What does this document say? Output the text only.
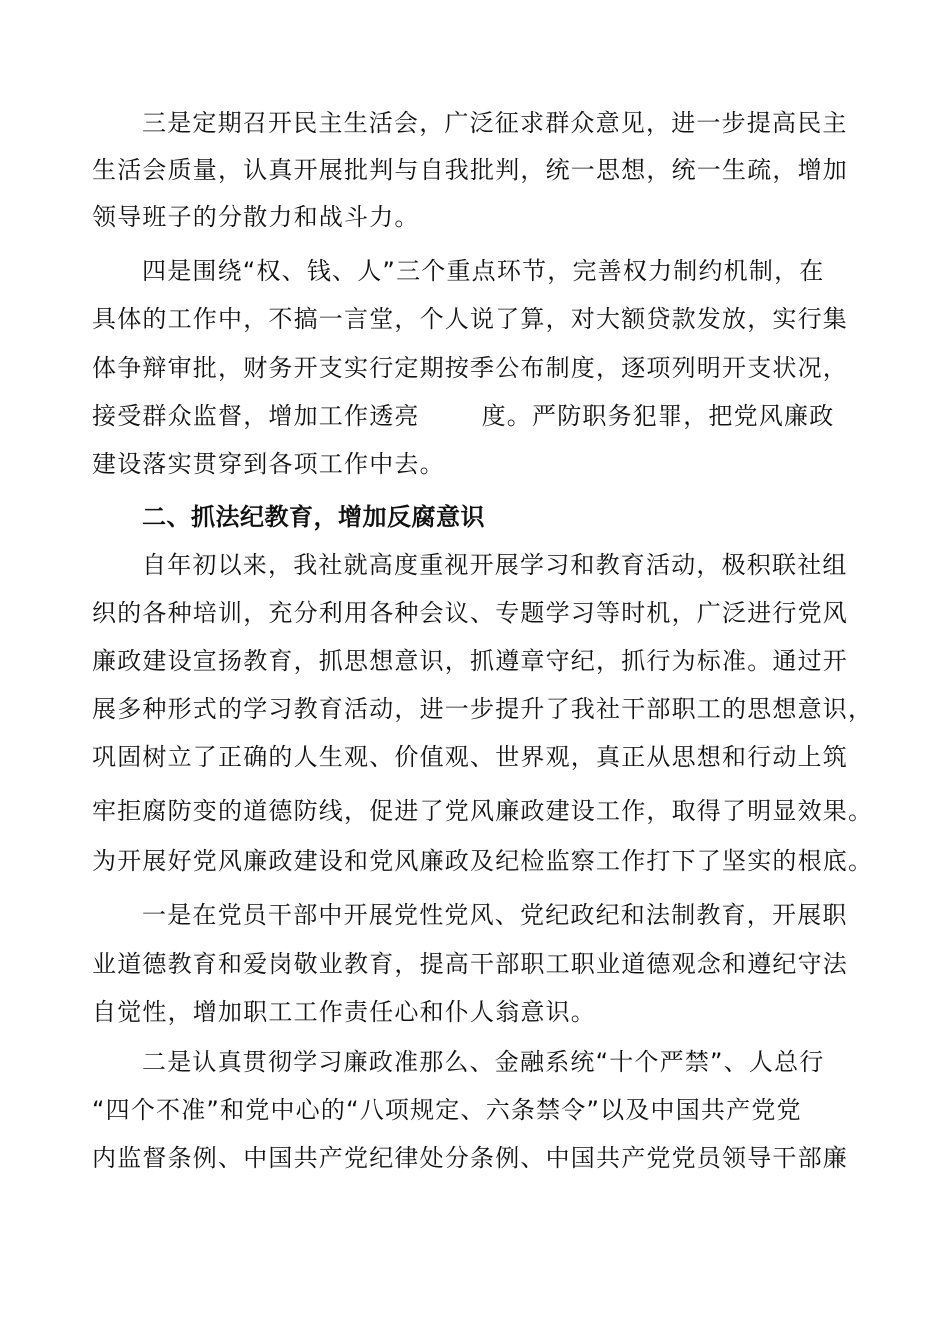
三是定期召开民主生活会，广泛征求群众意见，进一步提高民主
生活会质量，认真开展批判与自我批判，统一思想，统一生疏，增加
领导班子的分散力和战斗力。
四是围绕“权、钱、人”三个重点环节，完善权力制约机制，在
具体的工作中，不搞一言堂，个人说了算，对大额贷款发放，实行集
体争辩审批，财务开支实行定期按季公布制度，逐项列明开支状况，
接受群众监督，增加工作透亮	度。严防职务犯罪，把党风廉政
建设落实贯穿到各项工作中去。
二、抓法纪教育，增加反腐意识
自年初以来，我社就高度重视开展学习和教育活动，极积联社组
织的各种培训，充分利用各种会议、专题学习等时机，广泛进行党风
廉政建设宣扬教育，抓思想意识，抓遵章守纪，抓行为标准。通过开
展多种形式的学习教育活动，进一步提升了我社干部职工的思想意识，
巩固树立了正确的人生观、价值观、世界观，真正从思想和行动上筑
牢拒腐防变的道德防线，促进了党风廉政建设工作，取得了明显效果。
为开展好党风廉政建设和党风廉政及纪检监察工作打下了坚实的根底。
一是在党员干部中开展党性党风、党纪政纪和法制教育，开展职
业道德教育和爱岗敬业教育，提高干部职工职业道德观念和遵纪守法
自觉性，增加职工工作责任心和仆人翁意识。
二是认真贯彻学习廉政准那么、金融系统“十个严禁”、人总行
“四个不准”和党中心的“八项规定、六条禁令”以及中国共产党党
内监督条例、中国共产党纪律处分条例、中国共产党党员领导干部廉
